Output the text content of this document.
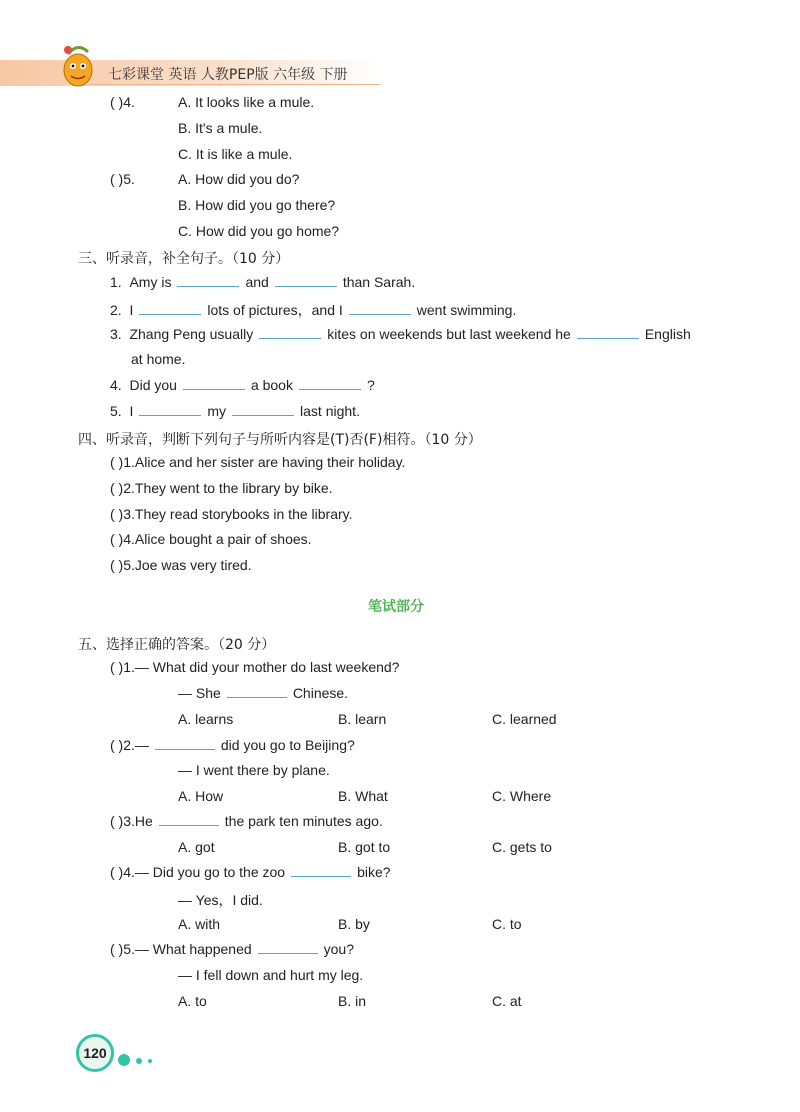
七彩课堂 英语 人教PEP版 六年级 下册
( )4.	A. It looks like a mule.
B. It's a mule.
C. It is like a mule.
( )5.	A. How did you do?
B. How did you go there?
C. How did you go home?
三、听录音，补全句子。（10 分）
1. Amy is	and	than Sarah.
2. I	lots of pictures，and I	went swimming.
3. Zhang Peng usually	kites on weekends but last weekend he	English
at home.
4. Did you	a book	?
5. I	my	last night.
四、听录音，判断下列句子与所听内容是(T)否(F)相符。（10 分）
( )1.Alice and her sister are having their holiday.
( )2.They went to the library by bike.
( )3.They read storybooks in the library.
( )4.Alice bought a pair of shoes.
( )5.Joe was very tired.
笔试部分
五、选择正确的答案。（20 分）
( )1.— What did your mother do last weekend?
— She	Chinese.
A. learns	B. learn	C. learned
( )2.—	did you go to Beijing?
— I went there by plane.
A. How	B. What	C. Where
( )3.He	the park ten minutes ago.
A. got	B. got to	C. gets to
( )4.— Did you go to the zoo	bike?
— Yes，I did.
A. with	B. by	C. to
( )5.— What happened	you?
— I fell down and hurt my leg.
A. to	B. in	C. at
120
